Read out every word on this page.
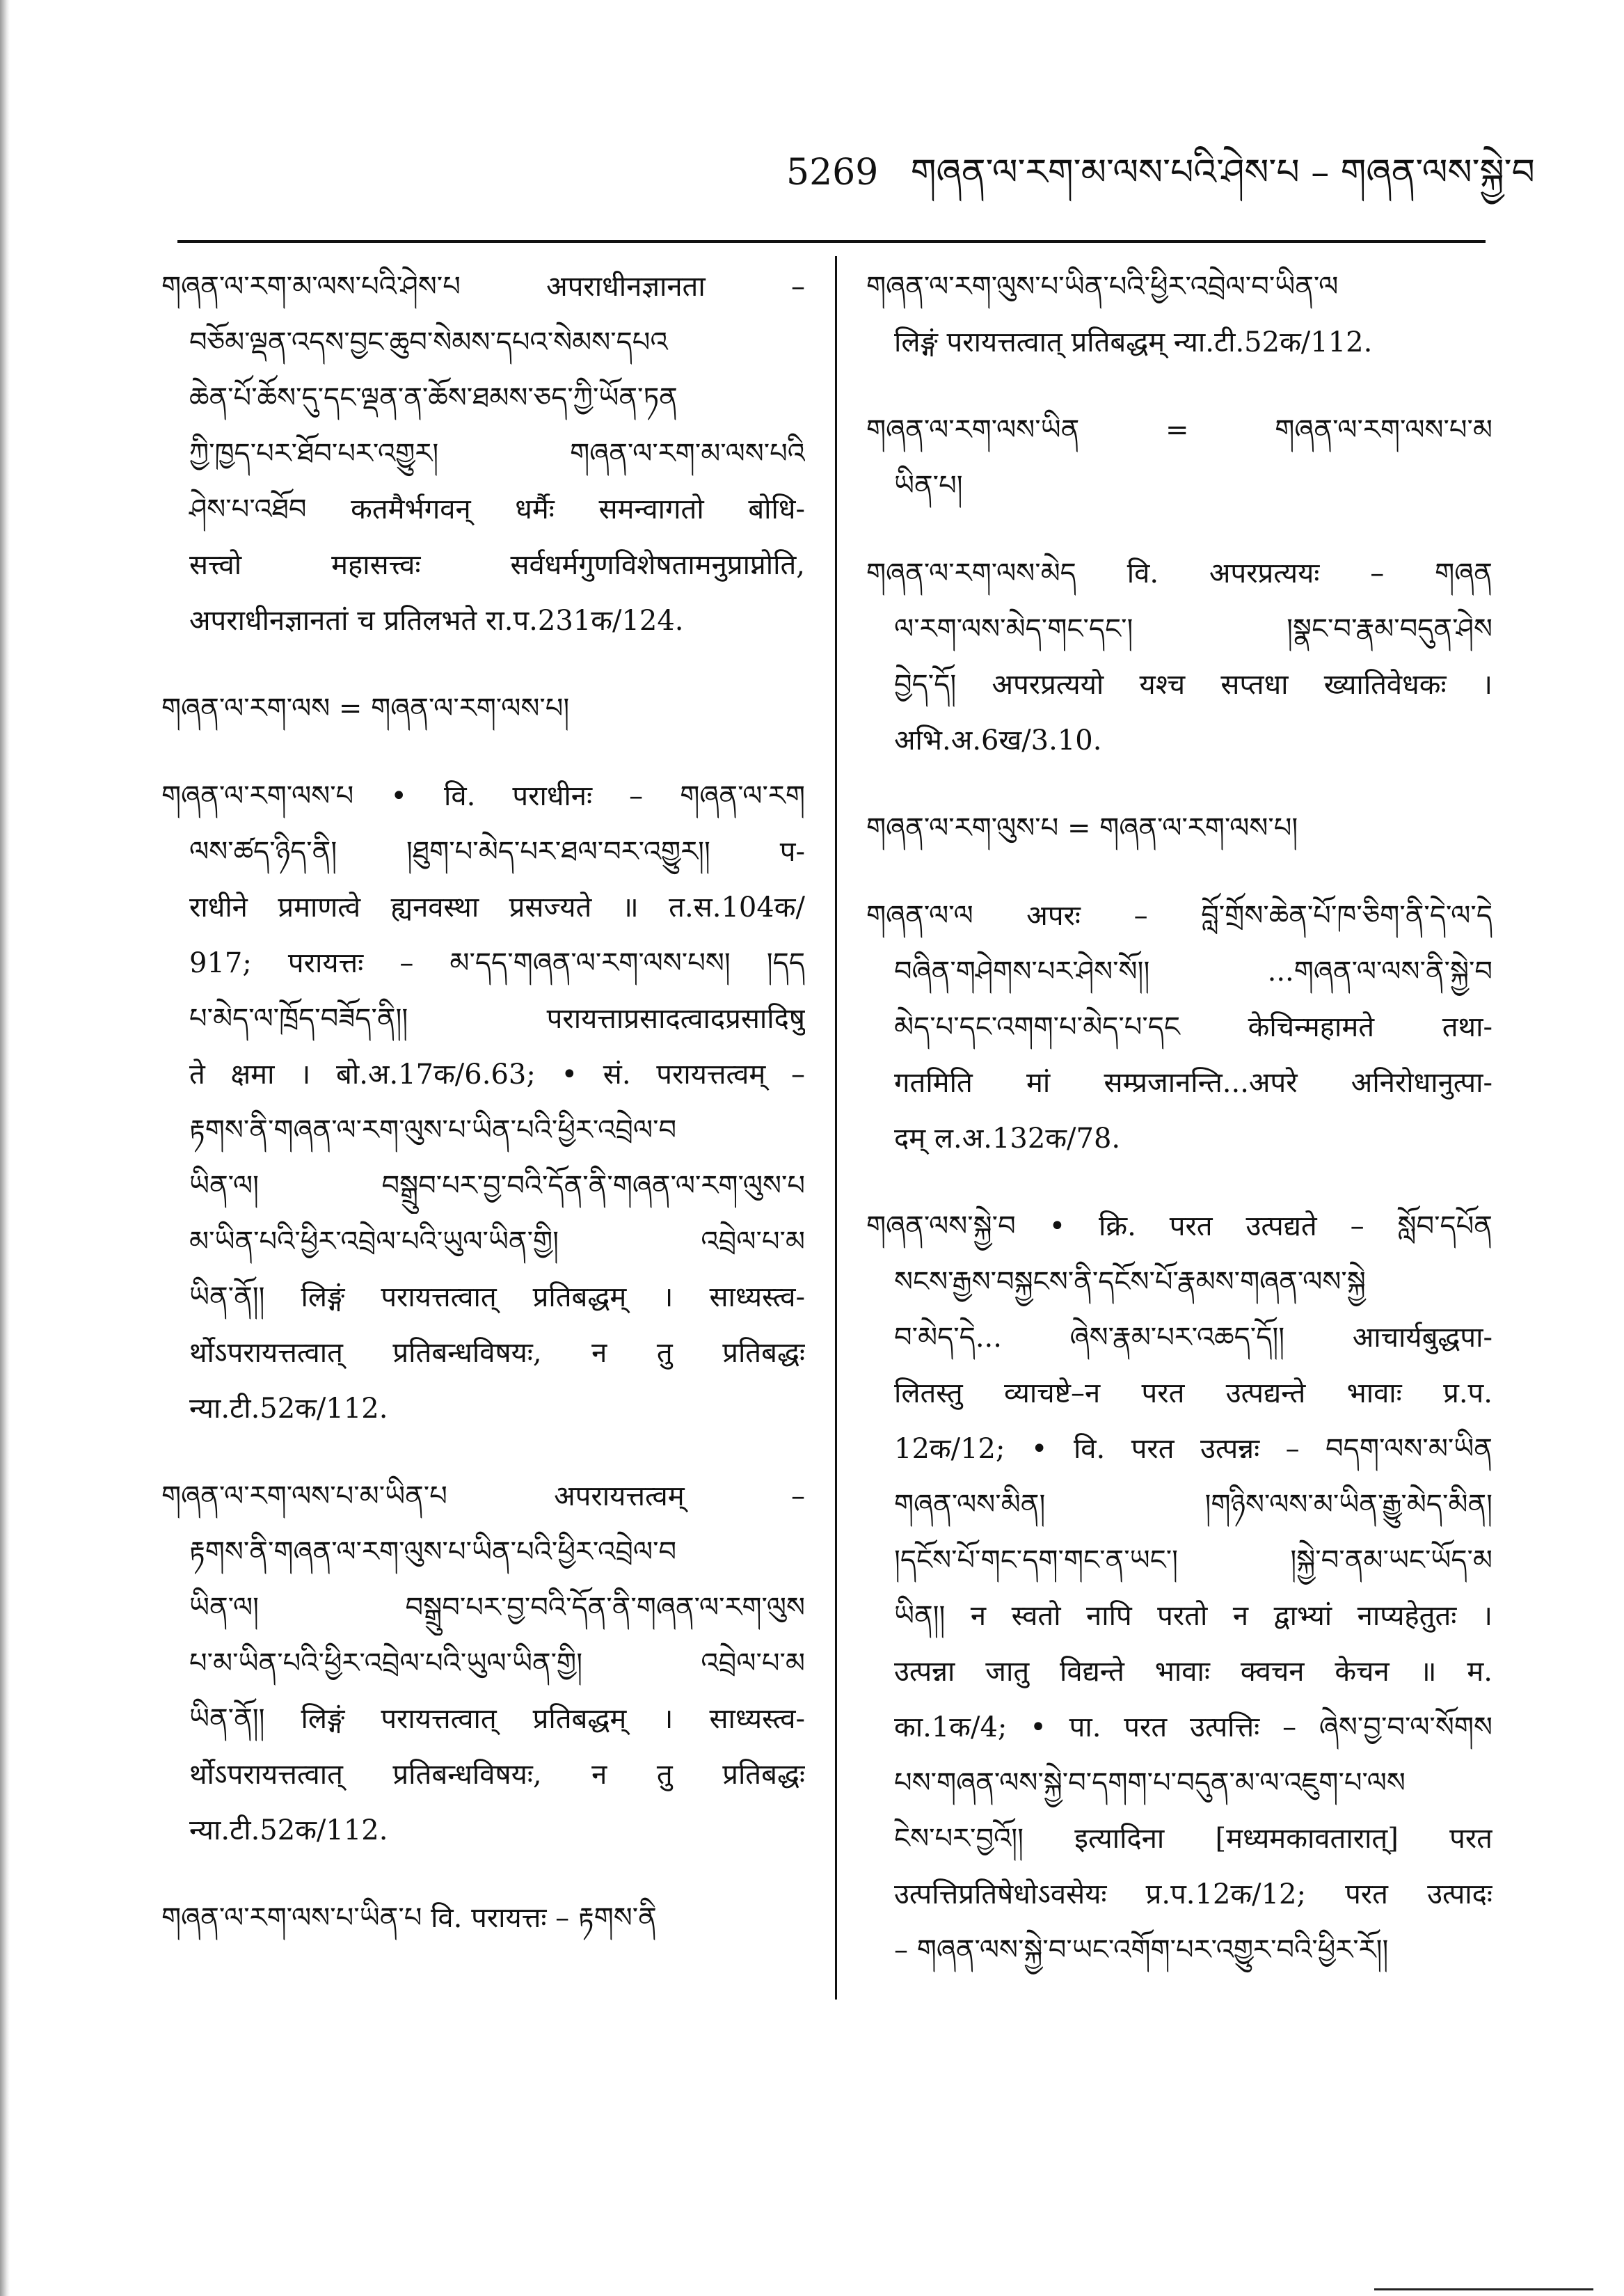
5269 གཞན་ལ་རག་མ་ལས་པའི་ཤེས་པ – གཞན་ལས་སྐྱེ་བ
གཞན་ལ་རག་མ་ལས་པའི་ཤེས་པ अपराधीनज्ञानता –
བཅོམ་ལྡན་འདས་བྱང་ཆུབ་སེམས་དཔའ་སེམས་དཔའ
ཆེན་པོ་ཆོས་དུ་དང་ལྡན་ན་ཆོས་ཐམས་ཅད་ཀྱི་ཡོན་ཏན
ཀྱི་ཁྱད་པར་ཐོབ་པར་འགྱུར། གཞན་ལ་རག་མ་ལས་པའི
ཤེས་པ་འཐོབ कतमैर्भगवन् धर्मैः समन्वागतो बोधि-
सत्त्वो महासत्त्वः सर्वधर्मगुणविशेषतामनुप्राप्नोति,
अपराधीनज्ञानतां च प्रतिलभते रा.प.231क/124.
གཞན་ལ་རག་ལས = གཞན་ལ་རག་ལས་པ།
གཞན་ལ་རག་ལས་པ • वि. पराधीनः – གཞན་ལ་རག
ལས་ཚད་ཉིད་ནི། །ཐུག་པ་མེད་པར་ཐལ་བར་འགྱུར།། प-
राधीने प्रमाणत्वे ह्यनवस्था प्रसज्यते ॥ त.स.104क/
917; परायत्तः – མ་དད་གཞན་ལ་རག་ལས་པས། །དད
པ་མེད་ལ་ཁྲོད་བཟོད་ནི།། परायत्ताप्रसादत्वादप्रसादिषु
ते क्षमा । बो.अ.17क/6.63; • सं. परायत्तत्वम् –
རྟགས་ནི་གཞན་ལ་རག་ལུས་པ་ཡིན་པའི་ཕྱིར་འབྲེལ་བ
ཡིན་ལ། བསྒྲུབ་པར་བྱ་བའི་དོན་ནི་གཞན་ལ་རག་ལུས་པ
མ་ཡིན་པའི་ཕྱིར་འབྲེལ་པའི་ཡུལ་ཡིན་གྱི། འབྲེལ་པ་མ
ཡིན་ནོ།། लिङ्गं परायत्तत्वात् प्रतिबद्धम् । साध्यस्त्व-
र्थोऽपरायत्तत्वात् प्रतिबन्धविषयः, न तु प्रतिबद्धः
न्या.टी.52क/112.
གཞན་ལ་རག་ལས་པ་མ་ཡིན་པ अपरायत्तत्वम् –
རྟགས་ནི་གཞན་ལ་རག་ལུས་པ་ཡིན་པའི་ཕྱིར་འབྲེལ་བ
ཡིན་ལ། བསྒྲུབ་པར་བྱ་བའི་དོན་ནི་གཞན་ལ་རག་ལུས
པ་མ་ཡིན་པའི་ཕྱིར་འབྲེལ་པའི་ཡུལ་ཡིན་གྱི། འབྲེལ་པ་མ
ཡིན་ནོ།། लिङ्गं परायत्तत्वात् प्रतिबद्धम् । साध्यस्त्व-
र्थोऽपरायत्तत्वात् प्रतिबन्धविषयः, न तु प्रतिबद्धः
न्या.टी.52क/112.
གཞན་ལ་རག་ལས་པ་ཡིན་པ वि. परायत्तः – རྟགས་ནི
གཞན་ལ་རག་ལུས་པ་ཡིན་པའི་ཕྱིར་འབྲེལ་བ་ཡིན་ལ
लिङ्गं परायत्तत्वात् प्रतिबद्धम् न्या.टी.52क/112.
གཞན་ལ་རག་ལས་ཡིན = གཞན་ལ་རག་ལས་པ་མ
ཡིན་པ།
གཞན་ལ་རག་ལས་མེད वि. अपरप्रत्ययः – གཞན
ལ་རག་ལས་མེད་གང་དང་། །སྣང་བ་རྣམ་བདུན་ཤེས
བྱེད་དོ། अपरप्रत्ययो यश्च सप्तधा ख्यातिवेधकः ।
अभि.अ.6ख/3.10.
གཞན་ལ་རག་ལུས་པ = གཞན་ལ་རག་ལས་པ།
གཞན་ལ་ལ अपरः – བློ་གྲོས་ཆེན་པོ་ཁ་ཅིག་ནི་དེ་ལ་དེ
བཞིན་གཤེགས་པར་ཤེས་སོ།། ...གཞན་ལ་ལས་ནི་སྐྱེ་བ
མེད་པ་དང་འགག་པ་མེད་པ་དང केचिन्महामते तथा-
गतमिति मां सम्प्रजानन्ति...अपरे अनिरोधानुत्पा-
दम् ल.अ.132क/78.
གཞན་ལས་སྐྱེ་བ • क्रि. परत उत्पद्यते – སློབ་དཔོན
སངས་རྒྱས་བསྐྱངས་ནི་དངོས་པོ་རྣམས་གཞན་ལས་སྐྱེ
བ་མེད་དེ... ཞེས་རྣམ་པར་འཆད་དོ།། आचार्यबुद्धपा-
लितस्तु व्याचष्टे–न परत उत्पद्यन्ते भावाः प्र.प.
12क/12; • वि. परत उत्पन्नः – བདག་ལས་མ་ཡིན
གཞན་ལས་མིན། །གཉིས་ལས་མ་ཡིན་རྒྱུ་མེད་མིན།
།དངོས་པོ་གང་དག་གང་ན་ཡང་། །སྐྱེ་བ་ནམ་ཡང་ཡོད་མ
ཡིན།། न स्वतो नापि परतो न द्वाभ्यां नाप्यहेतुतः ।
उत्पन्ना जातु विद्यन्ते भावाः क्वचन केचन ॥ म.
का.1क/4; • पा. परत उत्पत्तिः – ཞེས་བྱ་བ་ལ་སོགས
པས་གཞན་ལས་སྐྱེ་བ་དགག་པ་བདུན་མ་ལ་འཇུག་པ་ལས
ངེས་པར་བྱའོ།། इत्यादिना [मध्यमकावतारात्] परत
उत्पत्तिप्रतिषेधोऽवसेयः प्र.प.12क/12; परत उत्पादः
– གཞན་ལས་སྐྱེ་བ་ཡང་འགོག་པར་འགྱུར་བའི་ཕྱིར་རོ།།
